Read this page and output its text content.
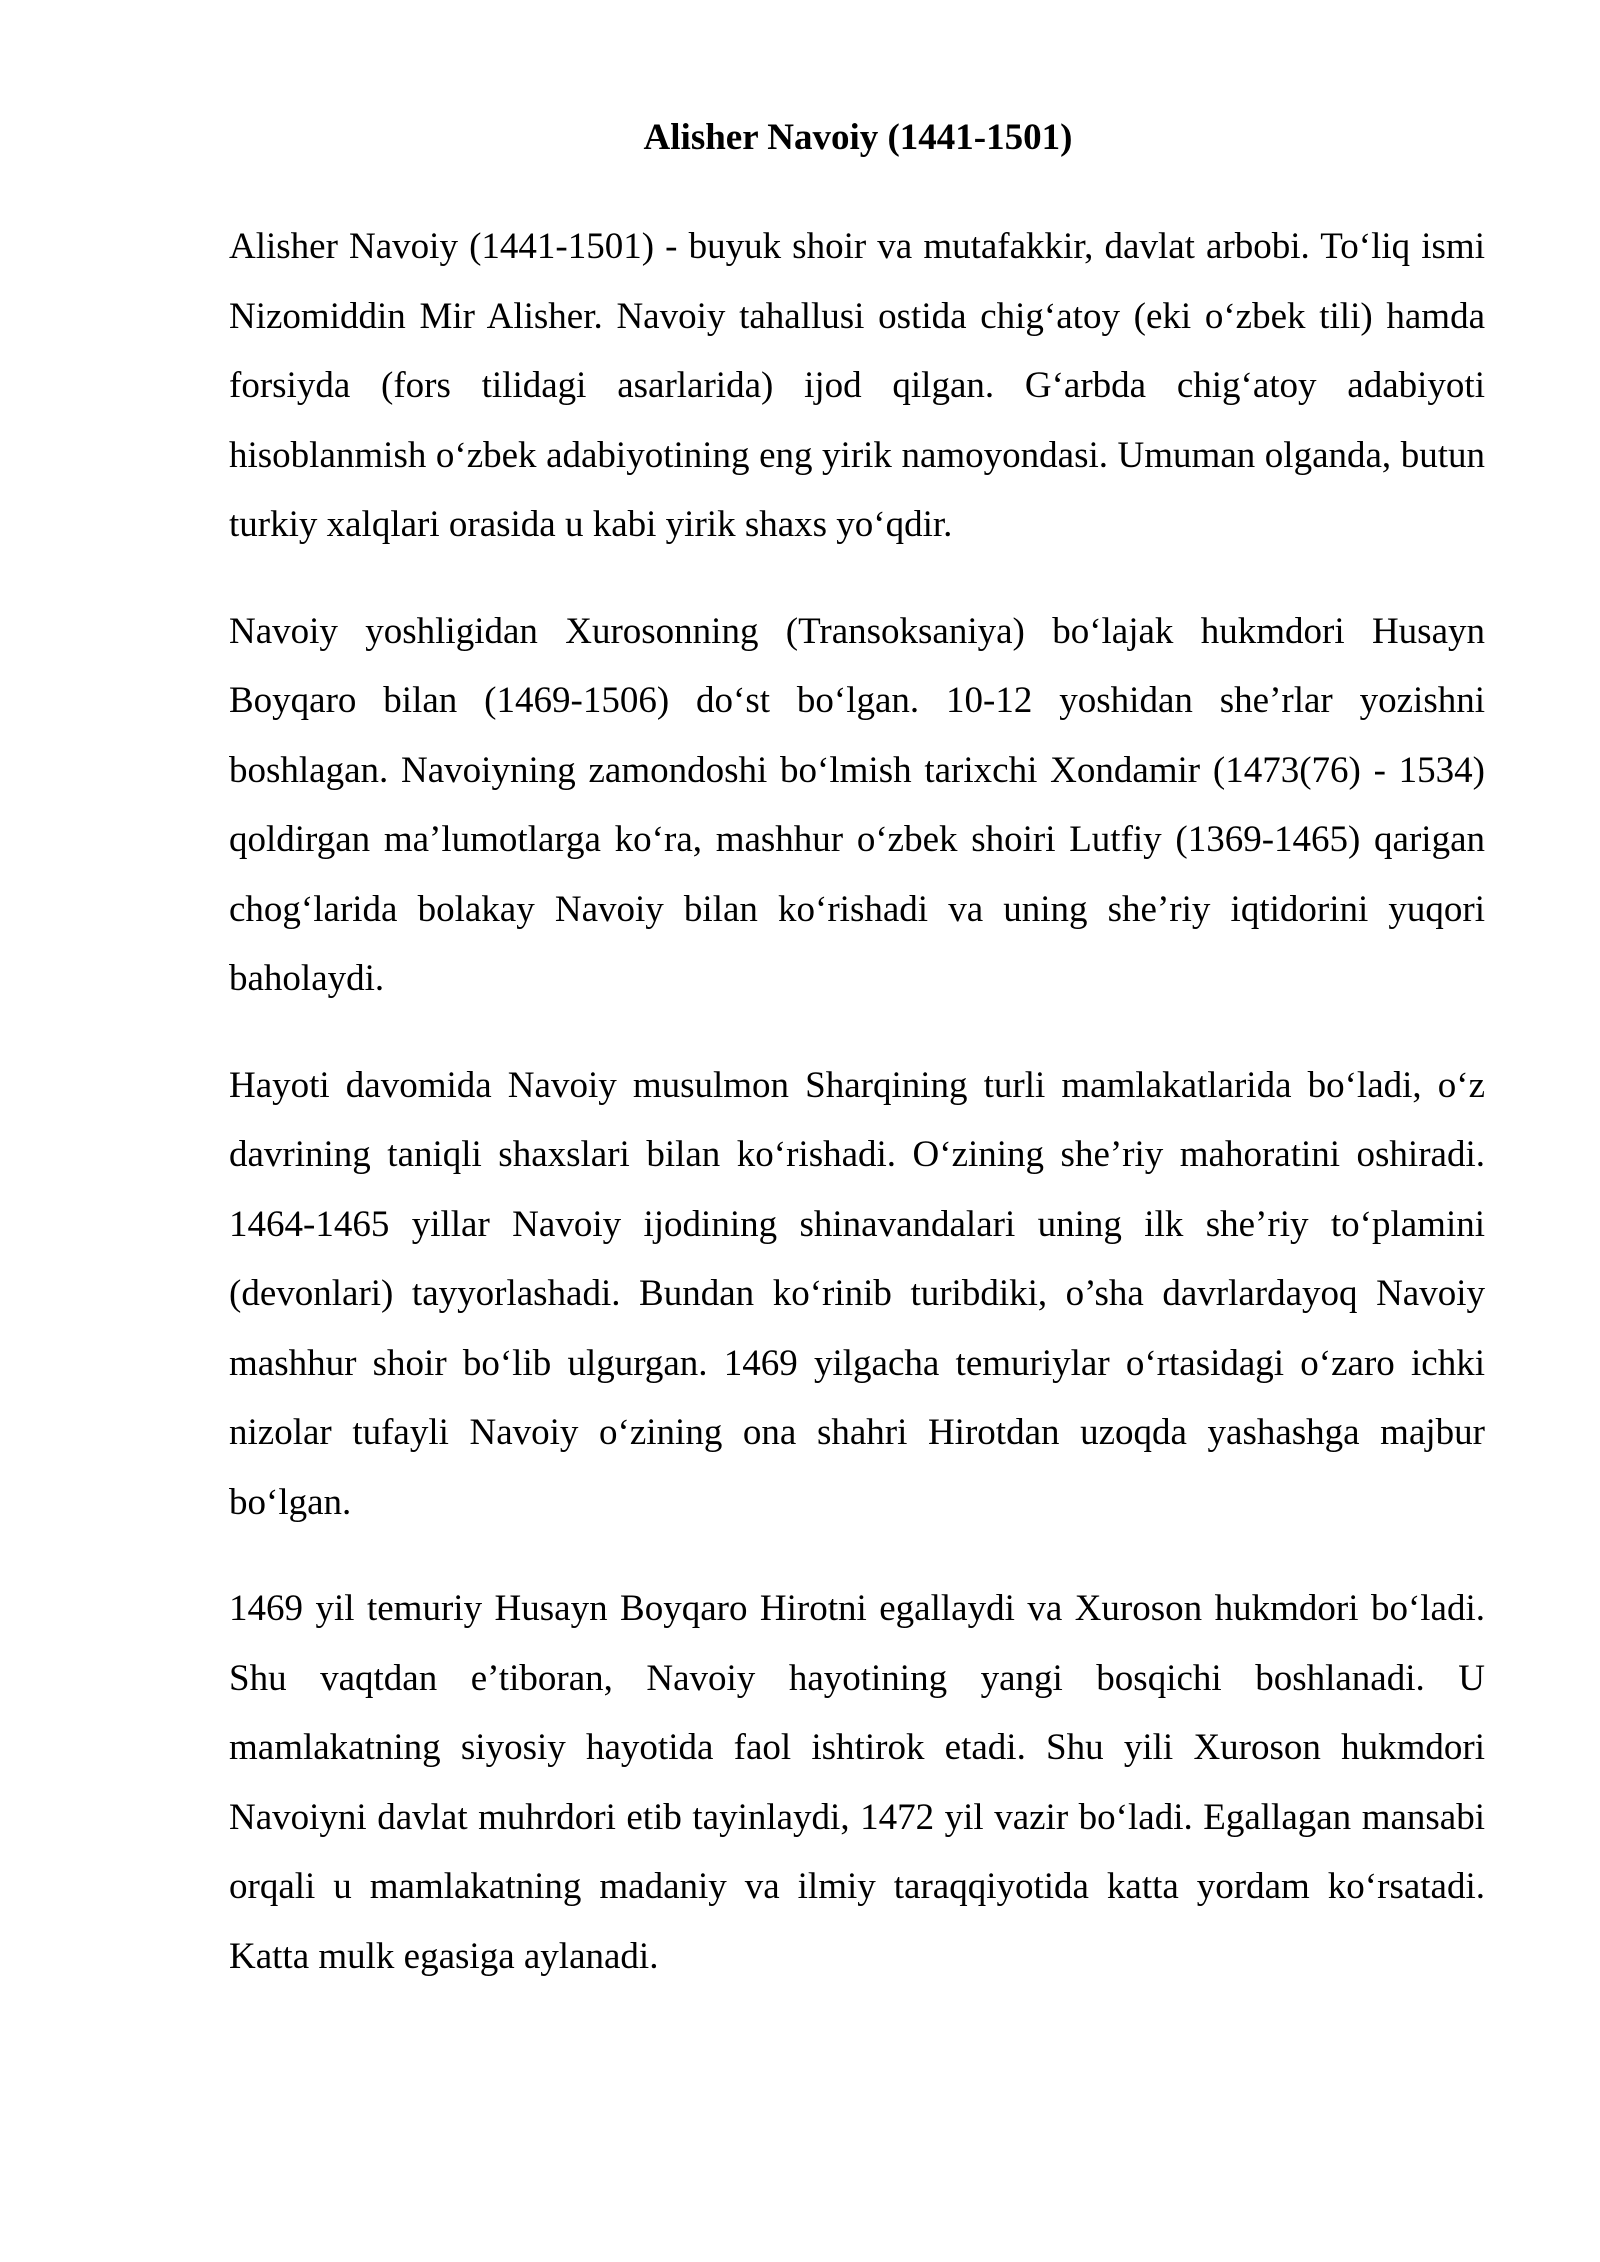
Alisher Navoiy (1441-1501)

Alisher Navoiy (1441-1501) - buyuk shoir va mutafakkir, davlat arbobi. To‘liq ismi Nizomiddin Mir Alisher. Navoiy tahallusi ostida chig‘atoy (eki o‘zbek tili) hamda forsiyda (fors tilidagi asarlarida) ijod qilgan. G‘arbda chig‘atoy adabiyoti hisoblanmish o‘zbek adabiyotining eng yirik namoyondasi. Umuman olganda, butun turkiy xalqlari orasida u kabi yirik shaxs yo‘qdir.

Navoiy yoshligidan Xurosonning (Transoksaniya) bo‘lajak hukmdori Husayn Boyqaro bilan (1469-1506) do‘st bo‘lgan. 10-12 yoshidan she’rlar yozishni boshlagan. Navoiyning zamondoshi bo‘lmish tarixchi Xondamir (1473(76) - 1534) qoldirgan ma’lumotlarga ko‘ra, mashhur o‘zbek shoiri Lutfiy (1369-1465) qarigan chog‘larida bolakay Navoiy bilan ko‘rishadi va uning she’riy iqtidorini yuqori baholaydi.

Hayoti davomida Navoiy musulmon Sharqining turli mamlakatlarida bo‘ladi, o‘z davrining taniqli shaxslari bilan ko‘rishadi. O‘zining she’riy mahoratini oshiradi. 1464-1465 yillar Navoiy ijodining shinavandalari uning ilk she’riy to‘plamini (devonlari) tayyorlashadi. Bundan ko‘rinib turibdiki, o’sha davrlardayoq Navoiy mashhur shoir bo‘lib ulgurgan. 1469 yilgacha temuriylar o‘rtasidagi o‘zaro ichki nizolar tufayli Navoiy o‘zining ona shahri Hirotdan uzoqda yashashga majbur bo‘lgan.

1469 yil temuriy Husayn Boyqaro Hirotni egallaydi va Xuroson hukmdori bo‘ladi. Shu vaqtdan e’tiboran, Navoiy hayotining yangi bosqichi boshlanadi. U mamlakatning siyosiy hayotida faol ishtirok etadi. Shu yili Xuroson hukmdori Navoiyni davlat muhrdori etib tayinlaydi, 1472 yil vazir bo‘ladi. Egallagan mansabi orqali u mamlakatning madaniy va ilmiy taraqqiyotida katta yordam ko‘rsatadi. Katta mulk egasiga aylanadi.
